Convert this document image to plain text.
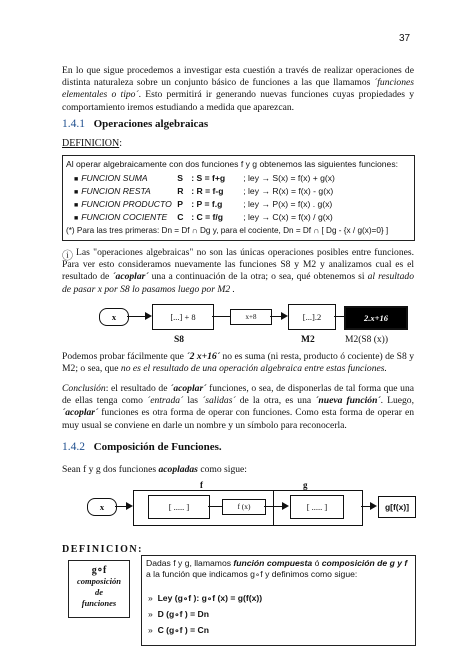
37
En lo que sigue procedemos a investigar esta cuestión a través de realizar operaciones de distinta naturaleza sobre un conjunto básico de funciones a las que llamamos ´funciones elementales o tipo´. Esto permitirá ir generando nuevas funciones cuyas propiedades y comportamiento iremos estudiando a medida que aparezcan.
1.4.1 Operaciones algebraicas
DEFINICION:
Al operar algebraicamente con dos funciones f y g obtenemos las siguientes funciones:
■ FUNCION SUMA	S : S = f+g ; ley → S(x) = f(x) + g(x)
■ FUNCION RESTA	R : R = f-g ; ley → R(x) = f(x) - g(x)
■ FUNCION PRODUCTO P : P = f.g ; ley → P(x) = f(x) . g(x)
■ FUNCION COCIENTE C : C = f/g ; ley → C(x) = f(x) / g(x)
(*) Para las tres primeras: Dn = Df ∩ Dg y, para el cociente, Dn = Df ∩ [ Dg - {x / g(x)=0} ]
ⓘ Las "operaciones algebraicas" no son las únicas operaciones posibles entre funciones. Para ver esto consideramos nuevamente las funciones S8 y M2 y analizamos cual es el resultado de ´acoplar´ una a continuación de la otra; o sea, qué obtenemos si al resultado de pasar x por S8 lo pasamos luego por M2 .
x	[...] + 8	x+8	[...].2	2.x+16
S8	M2	M2(S8 (x))
Podemos probar fácilmente que ´2 x+16´ no es suma (ni resta, producto ó cociente) de S8 y M2; o sea, que no es el resultado de una operación algebraica entre estas funciones.
Conclusión: el resultado de ´acoplar´ funciones, o sea, de disponerlas de tal forma que una de ellas tenga como ´entrada´ las ´salidas´ de la otra, es una ´nueva función´. Luego, ´acoplar´ funciones es otra forma de operar con funciones. Como esta forma de operar en muy usual se conviene en darle un nombre y un símbolo para reconocerla.
1.4.2 Composición de Funciones.
Sean f y g dos funciones acopladas como sigue:
x
f
[ ..... ]	f (x)
g
[ ..... ]	g[f(x)]
DEFINICION:
g∘f
composición
de
funciones
Dadas f y g, llamamos función compuesta ó composición de g y f a la función que indicamos g∘f y definimos como sigue:
»  Ley (g∘f ): g∘f (x) = g(f(x))
»  D (g∘f ) = Dn
»  C (g∘f ) = Cn
